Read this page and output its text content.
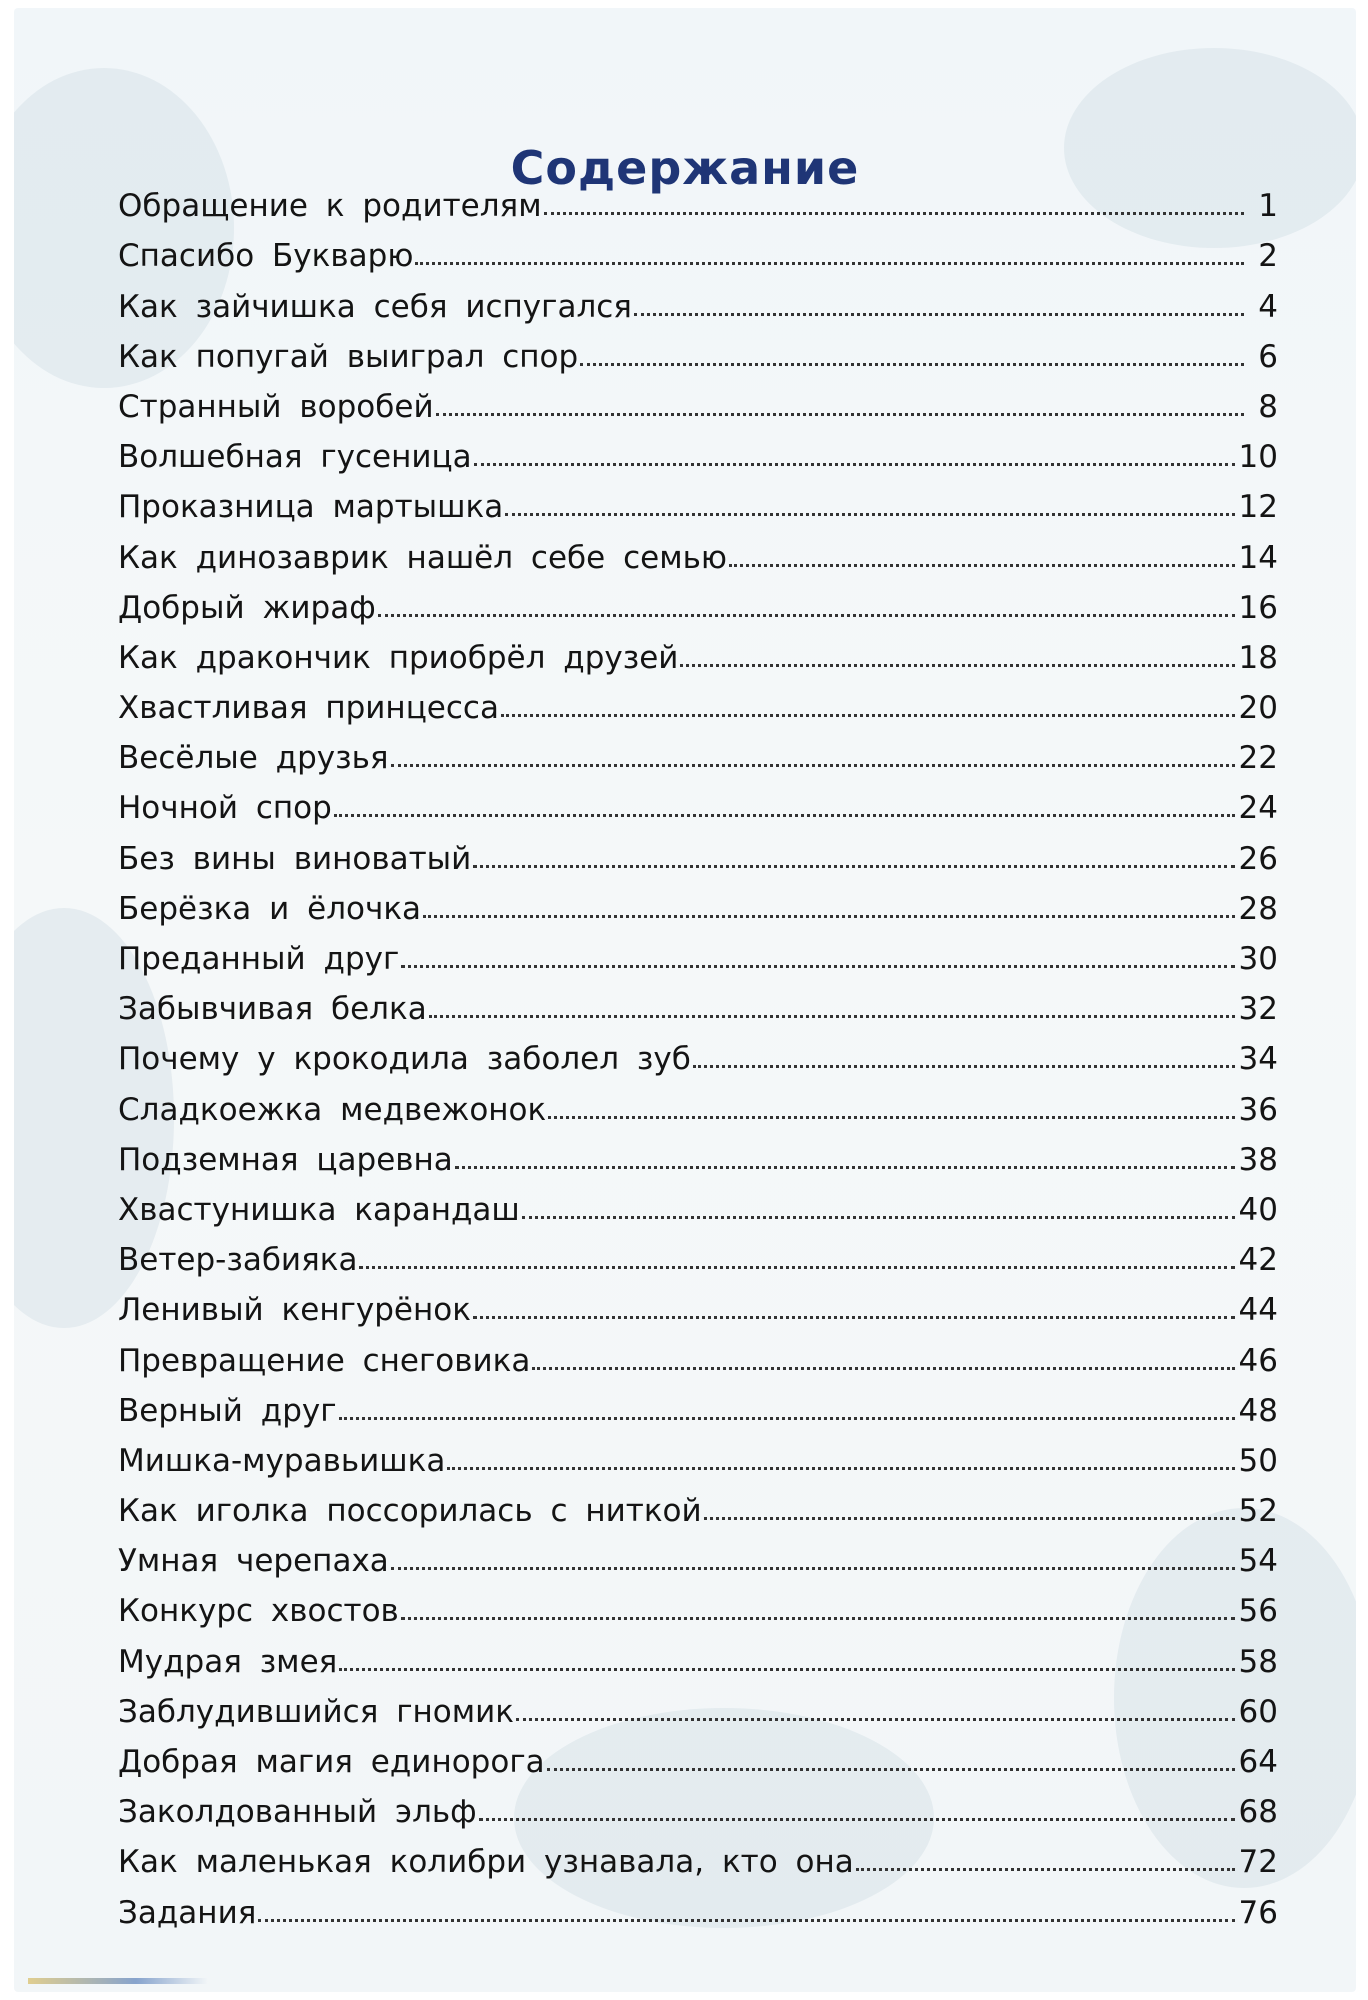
Содержание
Обращение к родителям	1
Спасибо Букварю	2
Как зайчишка себя испугался	4
Как попугай выиграл спор	6
Странный воробей	8
Волшебная гусеница	10
Проказница мартышка	12
Как динозаврик нашёл себе семью	14
Добрый жираф	16
Как дракончик приобрёл друзей	18
Хвастливая принцесса	20
Весёлые друзья	22
Ночной спор	24
Без вины виноватый	26
Берёзка и ёлочка	28
Преданный друг	30
Забывчивая белка	32
Почему у крокодила заболел зуб	34
Сладкоежка медвежонок	36
Подземная царевна	38
Хвастунишка карандаш	40
Ветер-забияка	42
Ленивый кенгурёнок	44
Превращение снеговика	46
Верный друг	48
Мишка-муравьишка	50
Как иголка поссорилась с ниткой	52
Умная черепаха	54
Конкурс хвостов	56
Мудрая змея	58
Заблудившийся гномик	60
Добрая магия единорога	64
Заколдованный эльф	68
Как маленькая колибри узнавала, кто она	72
Задания	76
